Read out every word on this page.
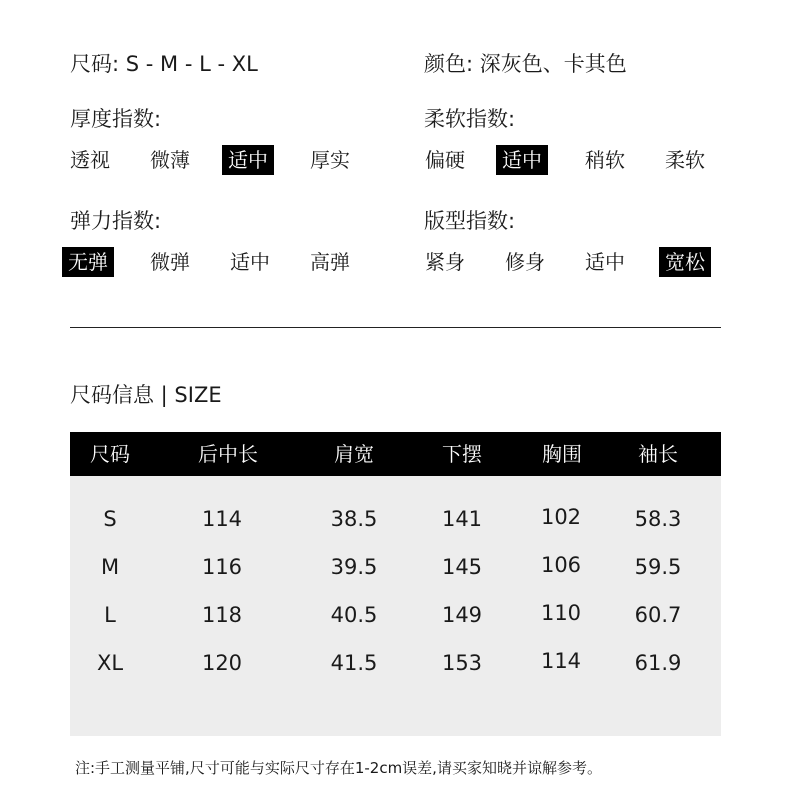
尺码: S - M - L - XL	颜色: 深灰色、卡其色
厚度指数:
透视 微薄	适中	厚实
柔软指数:
偏硬	适中	稍软 柔软
弹力指数:
无弹	微弹 适中 高弹
版型指数:
紧身 修身 适中	宽松
尺码信息 | SIZE
尺码	后中长	肩宽	下摆	胸围	袖长
S	114	38.5	141	102	58.3
M	116	39.5	145	106	59.5
L	118	40.5	149	110	60.7
XL	120	41.5	153	114	61.9
注:手工测量平铺,尺寸可能与实际尺寸存在1-2cm误差,请买家知晓并谅解参考。
